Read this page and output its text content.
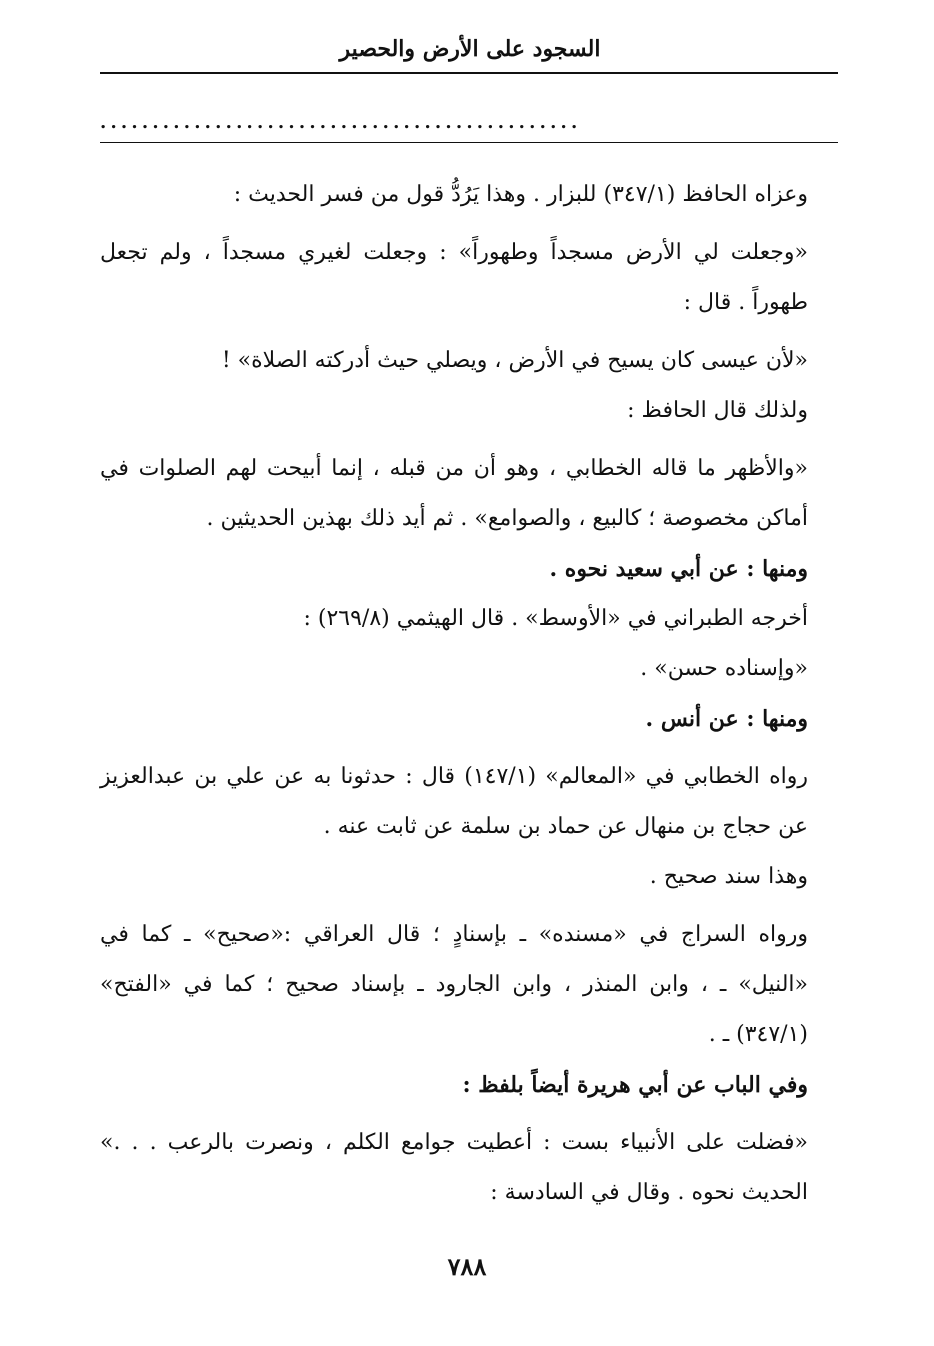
السجود على الأرض والحصير
..............................................

وعزاه الحافظ (٣٤٧/١) للبزار . وهذا يَرُدُّ قول من فسر الحديث :

«وجعلت لي الأرض مسجداً وطهوراً» : وجعلت لغيري مسجداً ، ولم تجعل طهوراً . قال :

«لأن عيسى كان يسيح في الأرض ، ويصلي حيث أدركته الصلاة» !

ولذلك قال الحافظ :

«والأظهر ما قاله الخطابي ، وهو أن من قبله ، إنما أبيحت لهم الصلوات في أماكن مخصوصة ؛ كالبيع ، والصوامع» . ثم أيد ذلك بهذين الحديثين .

ومنها : عن أبي سعيد نحوه .

أخرجه الطبراني في «الأوسط» . قال الهيثمي (٢٦٩/٨) :

«وإسناده حسن» .

ومنها : عن أنس .

رواه الخطابي في «المعالم» (١٤٧/١) قال : حدثونا به عن علي بن عبدالعزيز عن حجاج بن منهال عن حماد بن سلمة عن ثابت عنه .

وهذا سند صحيح .

ورواه السراج في «مسنده» ـ بإسنادٍ ؛ قال العراقي :«صحيح» ـ كما في «النيل» ـ ، وابن المنذر ، وابن الجارود ـ بإسناد صحيح ؛ كما في «الفتح» (٣٤٧/١) ـ .

وفي الباب عن أبي هريرة أيضاً بلفظ :

«فضلت على الأنبياء بست : أعطيت جوامع الكلم ، ونصرت بالرعب . . .» الحديث نحوه . وقال في السادسة :

٧٨٨
